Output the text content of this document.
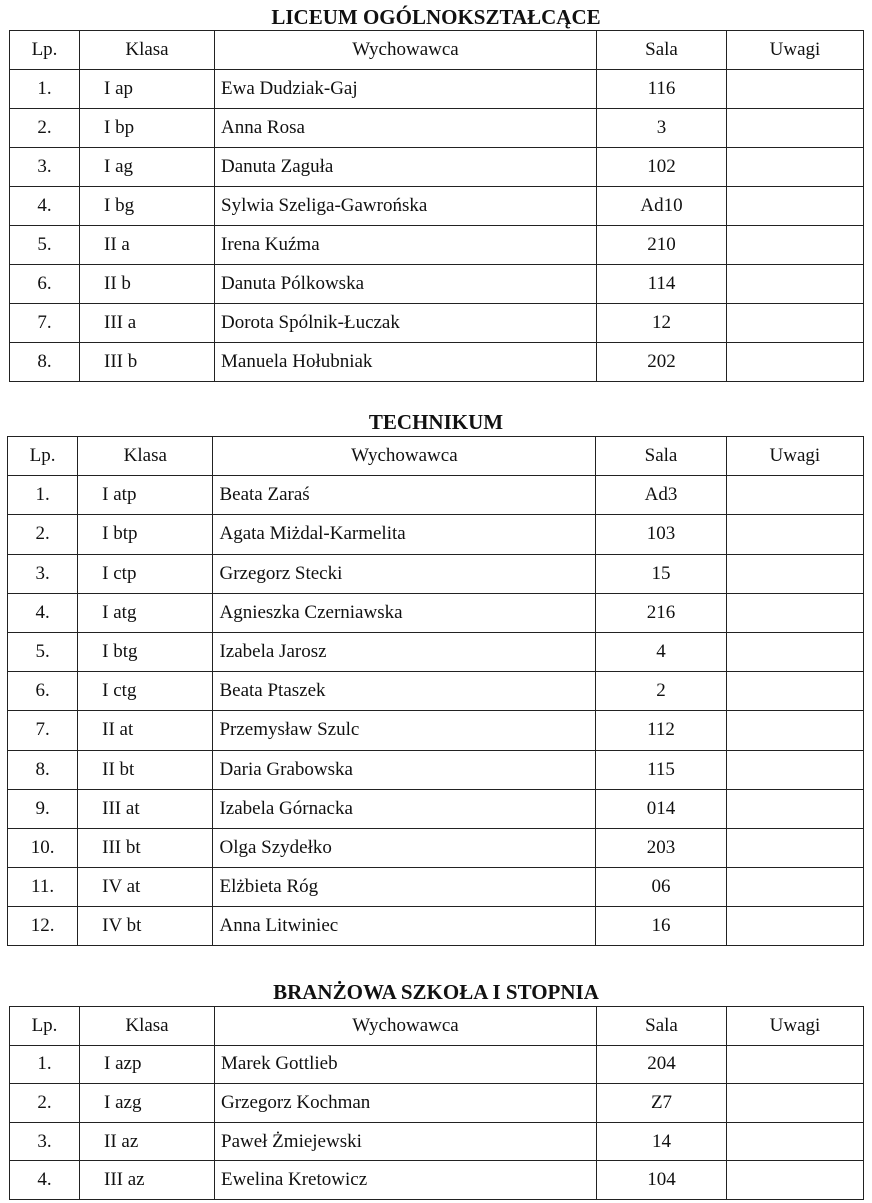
LICEUM OGÓLNOKSZTAŁCĄCE
Lp.	Klasa	Wychowawca	Sala	Uwagi
1.	I ap	Ewa Dudziak-Gaj	116	
2.	I bp	Anna Rosa	3	
3.	I ag	Danuta Zaguła	102	
4.	I bg	Sylwia Szeliga-Gawrońska	Ad10	
5.	II a	Irena Kuźma	210	
6.	II b	Danuta Pólkowska	114	
7.	III a	Dorota Spólnik-Łuczak	12	
8.	III b	Manuela Hołubniak	202	
TECHNIKUM
Lp.	Klasa	Wychowawca	Sala	Uwagi
1.	I atp	Beata Zaraś	Ad3	
2.	I btp	Agata Miżdal-Karmelita	103	
3.	I ctp	Grzegorz Stecki	15	
4.	I atg	Agnieszka Czerniawska	216	
5.	I btg	Izabela Jarosz	4	
6.	I ctg	Beata Ptaszek	2	
7.	II at	Przemysław Szulc	112	
8.	II bt	Daria Grabowska	115	
9.	III at	Izabela Górnacka	014	
10.	III bt	Olga Szydełko	203	
11.	IV at	Elżbieta Róg	06	
12.	IV bt	Anna Litwiniec	16	
BRANŻOWA SZKOŁA I STOPNIA
Lp.	Klasa	Wychowawca	Sala	Uwagi
1.	I azp	Marek Gottlieb	204	
2.	I azg	Grzegorz Kochman	Z7	
3.	II az	Paweł Żmiejewski	14	
4.	III az	Ewelina Kretowicz	104	
